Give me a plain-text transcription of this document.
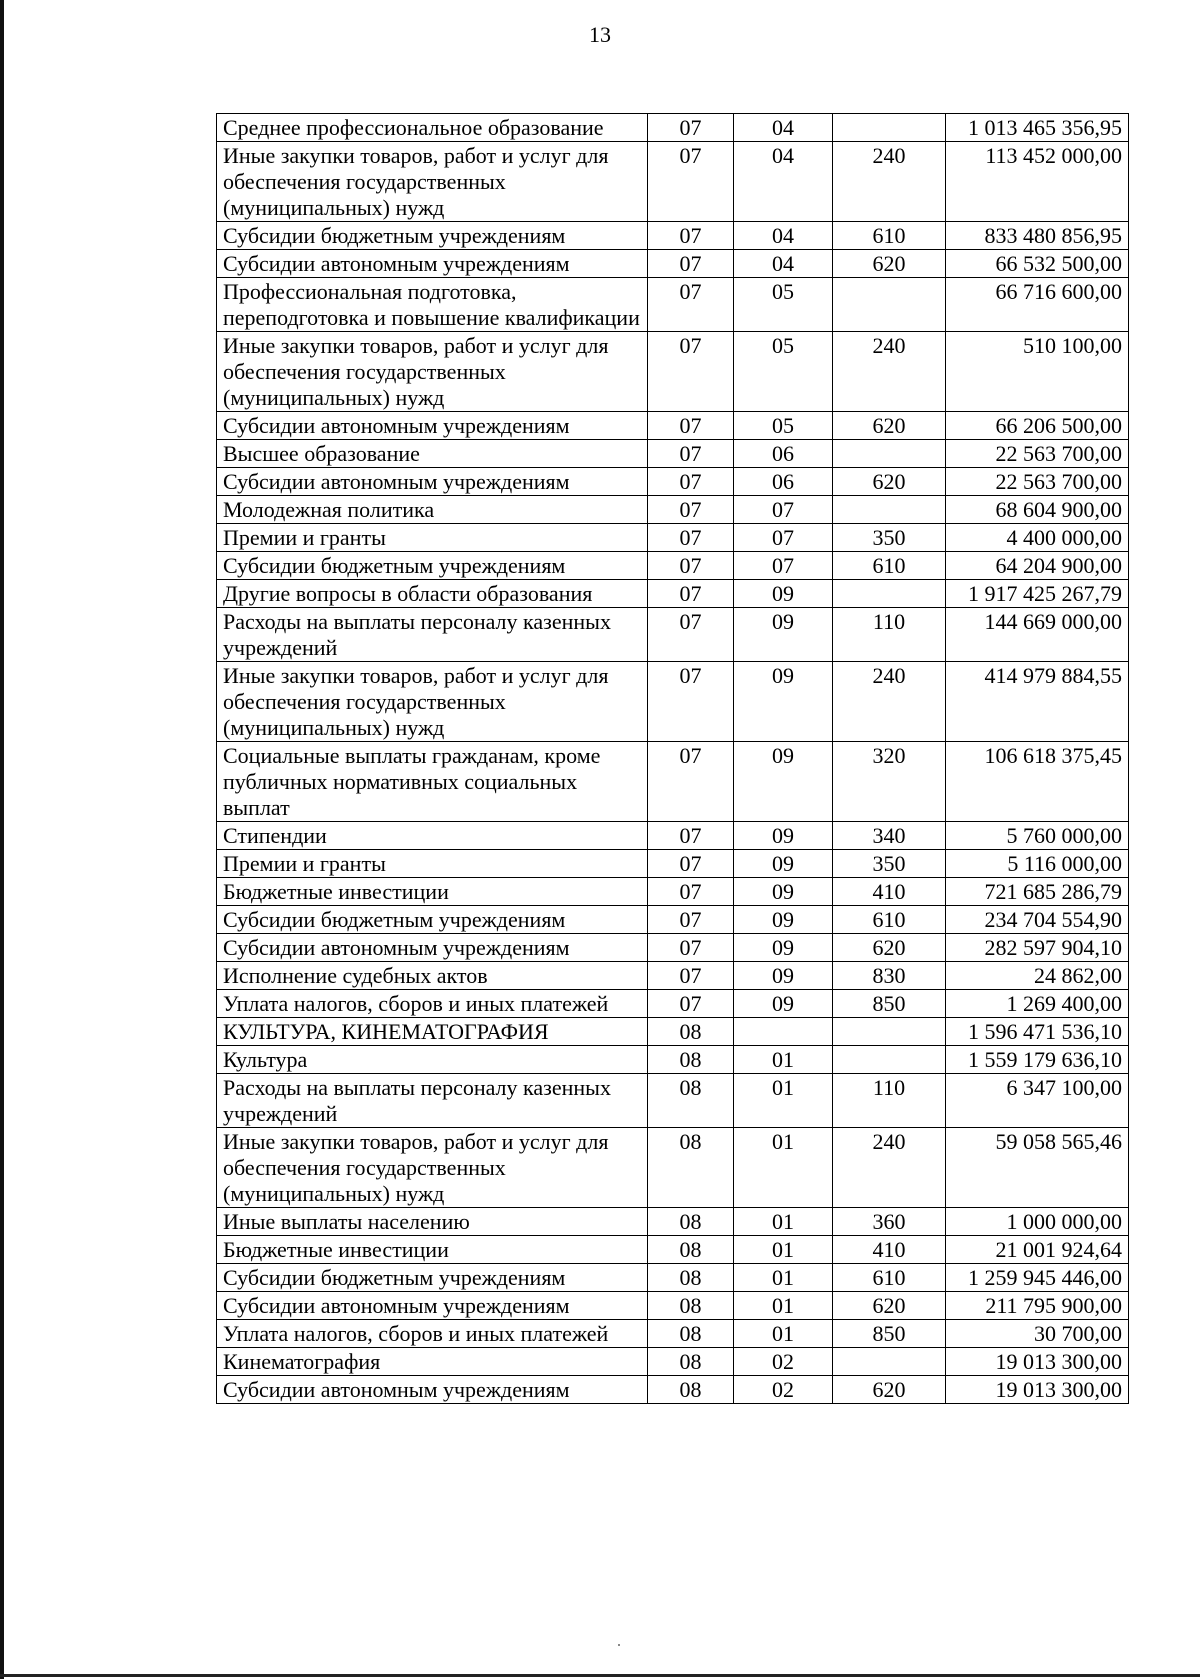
13
Среднее профессиональное образование	07	04		1 013 465 356,95
Иные закупки товаров, работ и услуг для обеспечения государственных (муниципальных) нужд	07	04	240	113 452 000,00
Субсидии бюджетным учреждениям	07	04	610	833 480 856,95
Субсидии автономным учреждениям	07	04	620	66 532 500,00
Профессиональная подготовка, переподготовка и повышение квалификации	07	05		66 716 600,00
Иные закупки товаров, работ и услуг для обеспечения государственных (муниципальных) нужд	07	05	240	510 100,00
Субсидии автономным учреждениям	07	05	620	66 206 500,00
Высшее образование	07	06		22 563 700,00
Субсидии автономным учреждениям	07	06	620	22 563 700,00
Молодежная политика	07	07		68 604 900,00
Премии и гранты	07	07	350	4 400 000,00
Субсидии бюджетным учреждениям	07	07	610	64 204 900,00
Другие вопросы в области образования	07	09		1 917 425 267,79
Расходы на выплаты персоналу казенных учреждений	07	09	110	144 669 000,00
Иные закупки товаров, работ и услуг для обеспечения государственных (муниципальных) нужд	07	09	240	414 979 884,55
Социальные выплаты гражданам, кроме публичных нормативных социальных выплат	07	09	320	106 618 375,45
Стипендии	07	09	340	5 760 000,00
Премии и гранты	07	09	350	5 116 000,00
Бюджетные инвестиции	07	09	410	721 685 286,79
Субсидии бюджетным учреждениям	07	09	610	234 704 554,90
Субсидии автономным учреждениям	07	09	620	282 597 904,10
Исполнение судебных актов	07	09	830	24 862,00
Уплата налогов, сборов и иных платежей	07	09	850	1 269 400,00
КУЛЬТУРА, КИНЕМАТОГРАФИЯ	08			1 596 471 536,10
Культура	08	01		1 559 179 636,10
Расходы на выплаты персоналу казенных учреждений	08	01	110	6 347 100,00
Иные закупки товаров, работ и услуг для обеспечения государственных (муниципальных) нужд	08	01	240	59 058 565,46
Иные выплаты населению	08	01	360	1 000 000,00
Бюджетные инвестиции	08	01	410	21 001 924,64
Субсидии бюджетным учреждениям	08	01	610	1 259 945 446,00
Субсидии автономным учреждениям	08	01	620	211 795 900,00
Уплата налогов, сборов и иных платежей	08	01	850	30 700,00
Кинематография	08	02		19 013 300,00
Субсидии автономным учреждениям	08	02	620	19 013 300,00
